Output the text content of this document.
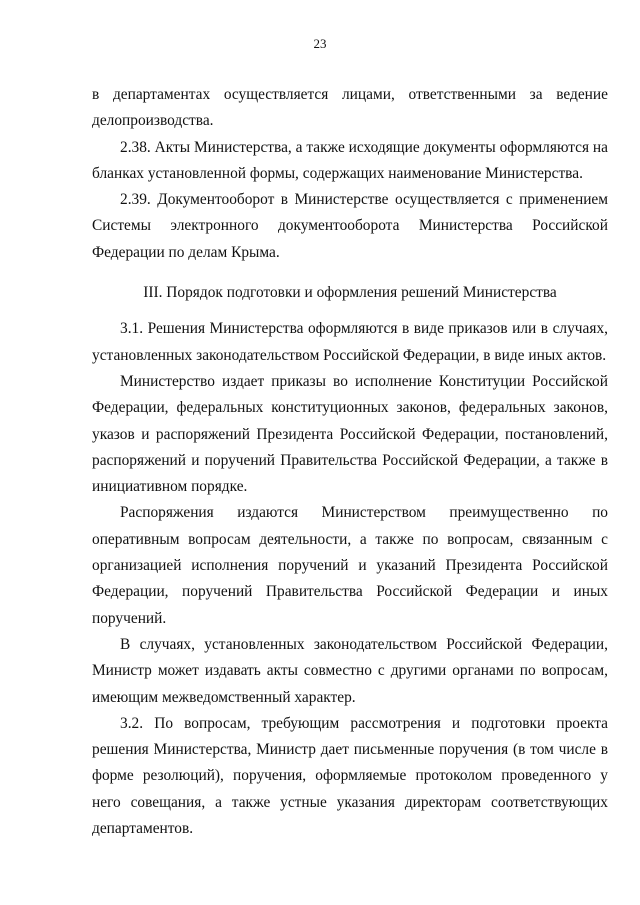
23

в департаментах осуществляется лицами, ответственными за ведение делопроизводства.

2.38. Акты Министерства, а также исходящие документы оформляются на бланках установленной формы, содержащих наименование Министерства.

2.39. Документооборот в Министерстве осуществляется с применением Системы электронного документооборота Министерства Российской Федерации по делам Крыма.

III. Порядок подготовки и оформления решений Министерства

3.1. Решения Министерства оформляются в виде приказов или в случаях, установленных законодательством Российской Федерации, в виде иных актов.

Министерство издает приказы во исполнение Конституции Российской Федерации, федеральных конституционных законов, федеральных законов, указов и распоряжений Президента Российской Федерации, постановлений, распоряжений и поручений Правительства Российской Федерации, а также в инициативном порядке.

Распоряжения издаются Министерством преимущественно по оперативным вопросам деятельности, а также по вопросам, связанным с организацией исполнения поручений и указаний Президента Российской Федерации, поручений Правительства Российской Федерации и иных поручений.

В случаях, установленных законодательством Российской Федерации, Министр может издавать акты совместно с другими органами по вопросам, имеющим межведомственный характер.

3.2. По вопросам, требующим рассмотрения и подготовки проекта решения Министерства, Министр дает письменные поручения (в том числе в форме резолюций), поручения, оформляемые протоколом проведенного у него совещания, а также устные указания директорам соответствующих департаментов.
